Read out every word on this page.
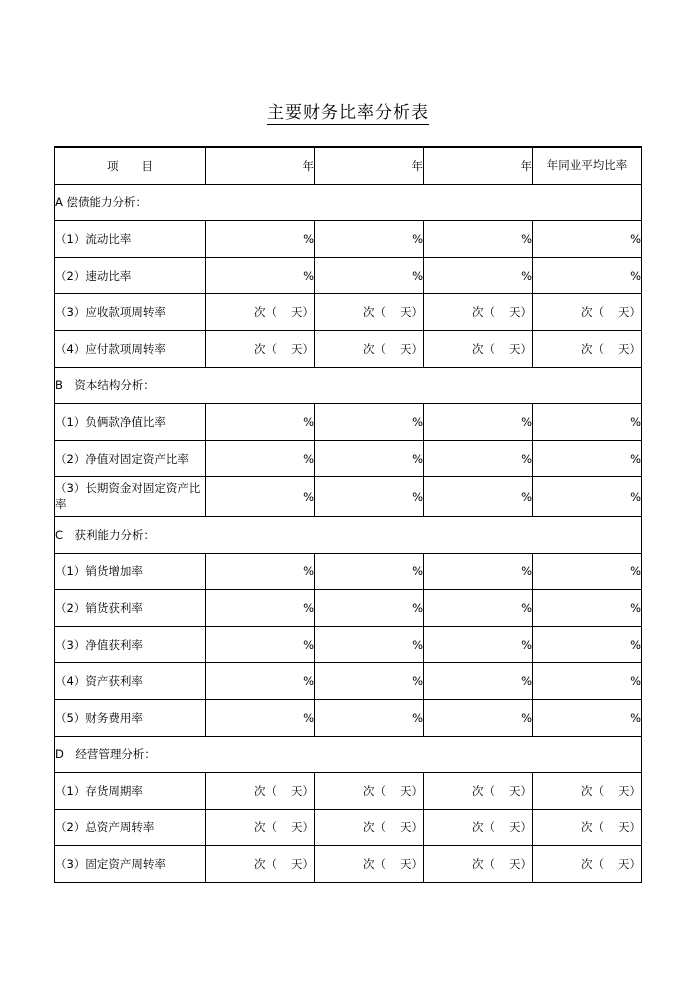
主要财务比率分析表
项　　目	年	年	年	年同业平均比率
A 偿债能力分析：				
（1）流动比率	%	%	%	%
（2）速动比率	%	%	%	%
（3）应收款项周转率	次（ 天）	次（ 天）	次（ 天）	次（ 天）
（4）应付款项周转率	次（ 天）	次（ 天）	次（ 天）	次（ 天）
B　资本结构分析：				
（1）负俩款净值比率	%	%	%	%
（2）净值对固定资产比率	%	%	%	%
（3）长期资金对固定资产比率	%	%	%	%
C　获利能力分析：				
（1）销货增加率	%	%	%	%
（2）销货获利率	%	%	%	%
（3）净值获利率	%	%	%	%
（4）资产获利率	%	%	%	%
（5）财务费用率	%	%	%	%
D　经营管理分析：				
（1）存货周期率	次（ 天）	次（ 天）	次（ 天）	次（ 天）
（2）总资产周转率	次（ 天）	次（ 天）	次（ 天）	次（ 天）
（3）固定资产周转率	次（ 天）	次（ 天）	次（ 天）	次（ 天）
